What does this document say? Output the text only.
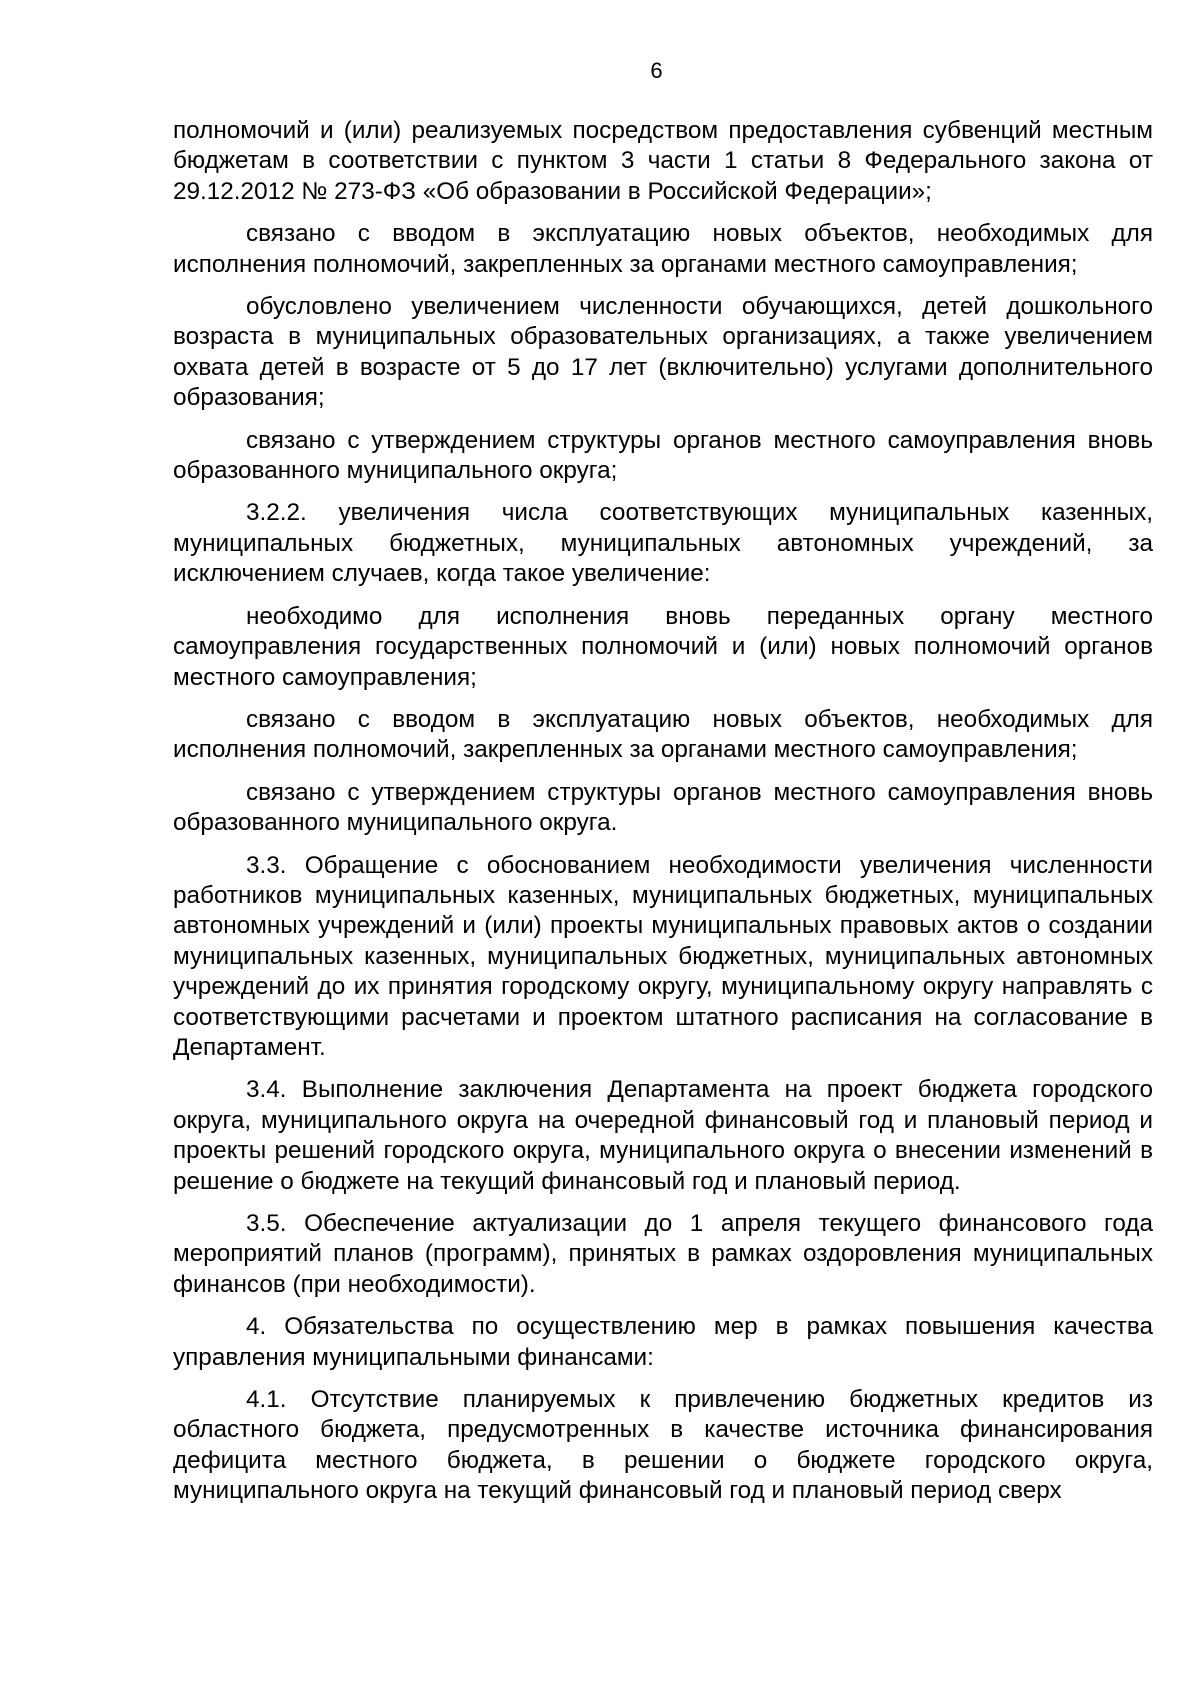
6

полномочий и (или) реализуемых посредством предоставления субвенций местным бюджетам в соответствии с пунктом 3 части 1 статьи 8 Федерального закона от 29.12.2012 № 273-ФЗ «Об образовании в Российской Федерации»;

связано с вводом в эксплуатацию новых объектов, необходимых для исполнения полномочий, закрепленных за органами местного самоуправления;

обусловлено увеличением численности обучающихся, детей дошкольного возраста в муниципальных образовательных организациях, а также увеличением охвата детей в возрасте от 5 до 17 лет (включительно) услугами дополнительного образования;

связано с утверждением структуры органов местного самоуправления вновь образованного муниципального округа;

3.2.2. увеличения числа соответствующих муниципальных казенных, муниципальных бюджетных, муниципальных автономных учреждений, за исключением случаев, когда такое увеличение:

необходимо для исполнения вновь переданных органу местного самоуправления государственных полномочий и (или) новых полномочий органов местного самоуправления;

связано с вводом в эксплуатацию новых объектов, необходимых для исполнения полномочий, закрепленных за органами местного самоуправления;

связано с утверждением структуры органов местного самоуправления вновь образованного муниципального округа.

3.3. Обращение с обоснованием необходимости увеличения численности работников муниципальных казенных, муниципальных бюджетных, муниципальных автономных учреждений и (или) проекты муниципальных правовых актов о создании муниципальных казенных, муниципальных бюджетных, муниципальных автономных учреждений до их принятия городскому округу, муниципальному округу направлять с соответствующими расчетами и проектом штатного расписания на согласование в Департамент.

3.4. Выполнение заключения Департамента на проект бюджета городского округа, муниципального округа на очередной финансовый год и плановый период и проекты решений городского округа, муниципального округа о внесении изменений в решение о бюджете на текущий финансовый год и плановый период.

3.5. Обеспечение актуализации до 1 апреля текущего финансового года мероприятий планов (программ), принятых в рамках оздоровления муниципальных финансов (при необходимости).

4. Обязательства по осуществлению мер в рамках повышения качества управления муниципальными финансами:

4.1. Отсутствие планируемых к привлечению бюджетных кредитов из областного бюджета, предусмотренных в качестве источника финансирования дефицита местного бюджета, в решении о бюджете городского округа, муниципального округа на текущий финансовый год и плановый период сверх
